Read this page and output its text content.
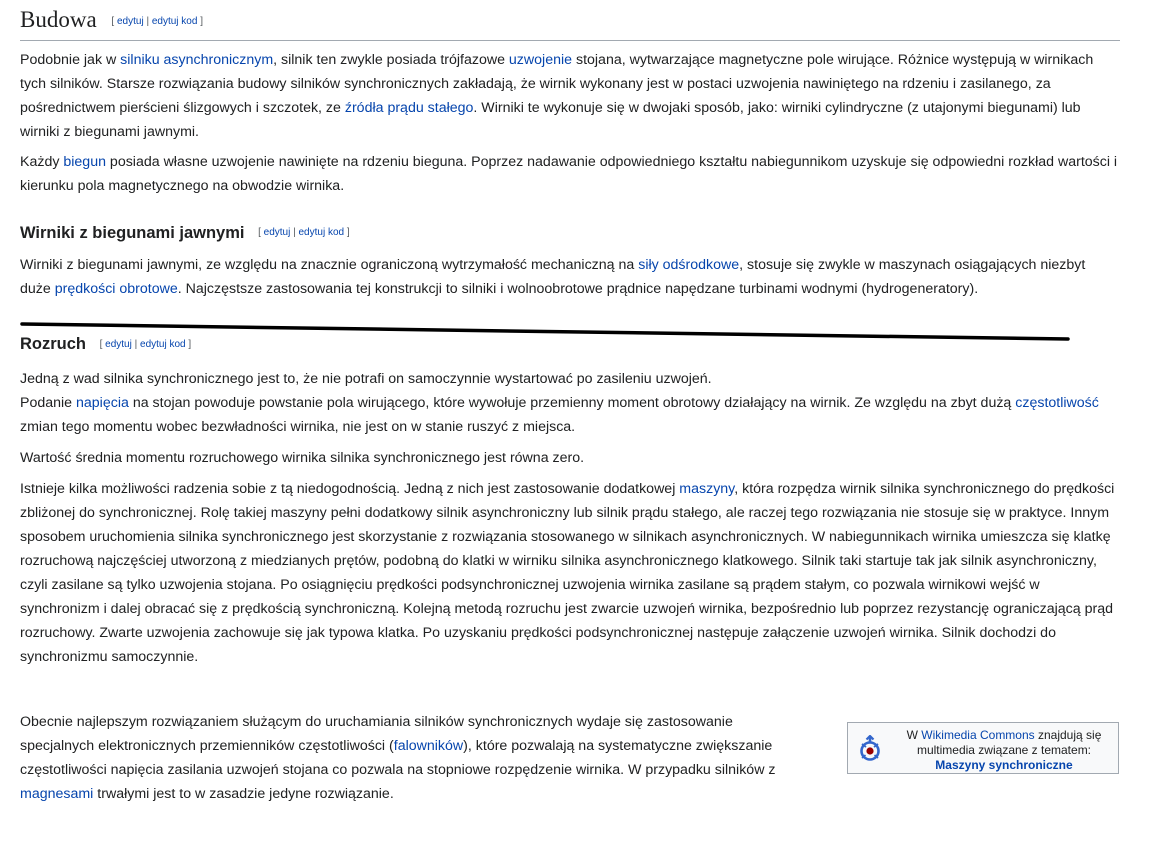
Budowa [ edytuj | edytuj kod ]

Podobnie jak w silniku asynchronicznym, silnik ten zwykle posiada trójfazowe uzwojenie stojana, wytwarzające magnetyczne pole wirujące. Różnice występują w wirnikach tych silników. Starsze rozwiązania budowy silników synchronicznych zakładają, że wirnik wykonany jest w postaci uzwojenia nawiniętego na rdzeniu i zasilanego, za pośrednictwem pierścieni ślizgowych i szczotek, ze źródła prądu stałego. Wirniki te wykonuje się w dwojaki sposób, jako: wirniki cylindryczne (z utajonymi biegunami) lub wirniki z biegunami jawnymi.

Każdy biegun posiada własne uzwojenie nawinięte na rdzeniu bieguna. Poprzez nadawanie odpowiedniego kształtu nabiegunnikom uzyskuje się odpowiedni rozkład wartości i kierunku pola magnetycznego na obwodzie wirnika.

Wirniki z biegunami jawnymi [ edytuj | edytuj kod ]

Wirniki z biegunami jawnymi, ze względu na znacznie ograniczoną wytrzymałość mechaniczną na siły odśrodkowe, stosuje się zwykle w maszynach osiągających niezbyt duże prędkości obrotowe. Najczęstsze zastosowania tej konstrukcji to silniki i wolnoobrotowe prądnice napędzane turbinami wodnymi (hydrogeneratory).

Rozruch [ edytuj | edytuj kod ]

Jedną z wad silnika synchronicznego jest to, że nie potrafi on samoczynnie wystartować po zasileniu uzwojeń.
Podanie napięcia na stojan powoduje powstanie pola wirującego, które wywołuje przemienny moment obrotowy działający na wirnik. Ze względu na zbyt dużą częstotliwość zmian tego momentu wobec bezwładności wirnika, nie jest on w stanie ruszyć z miejsca.

Wartość średnia momentu rozruchowego wirnika silnika synchronicznego jest równa zero.

Istnieje kilka możliwości radzenia sobie z tą niedogodnością. Jedną z nich jest zastosowanie dodatkowej maszyny, która rozpędza wirnik silnika synchronicznego do prędkości zbliżonej do synchronicznej. Rolę takiej maszyny pełni dodatkowy silnik asynchroniczny lub silnik prądu stałego, ale raczej tego rozwiązania nie stosuje się w praktyce. Innym sposobem uruchomienia silnika synchronicznego jest skorzystanie z rozwiązania stosowanego w silnikach asynchronicznych. W nabiegunnikach wirnika umieszcza się klatkę rozruchową najczęściej utworzoną z miedzianych prętów, podobną do klatki w wirniku silnika asynchronicznego klatkowego. Silnik taki startuje tak jak silnik asynchroniczny, czyli zasilane są tylko uzwojenia stojana. Po osiągnięciu prędkości podsynchronicznej uzwojenia wirnika zasilane są prądem stałym, co pozwala wirnikowi wejść w synchronizm i dalej obracać się z prędkością synchroniczną. Kolejną metodą rozruchu jest zwarcie uzwojeń wirnika, bezpośrednio lub poprzez rezystancję ograniczającą prąd rozruchowy. Zwarte uzwojenia zachowuje się jak typowa klatka. Po uzyskaniu prędkości podsynchronicznej następuje załączenie uzwojeń wirnika. Silnik dochodzi do synchronizmu samoczynnie.

Obecnie najlepszym rozwiązaniem służącym do uruchamiania silników synchronicznych wydaje się zastosowanie specjalnych elektronicznych przemienników częstotliwości (falowników), które pozwalają na systematyczne zwiększanie częstotliwości napięcia zasilania uzwojeń stojana co pozwala na stopniowe rozpędzenie wirnika. W przypadku silników z magnesami trwałymi jest to w zasadzie jedyne rozwiązanie.

W Wikimedia Commons znajdują się multimedia związane z tematem:
Maszyny synchroniczne
